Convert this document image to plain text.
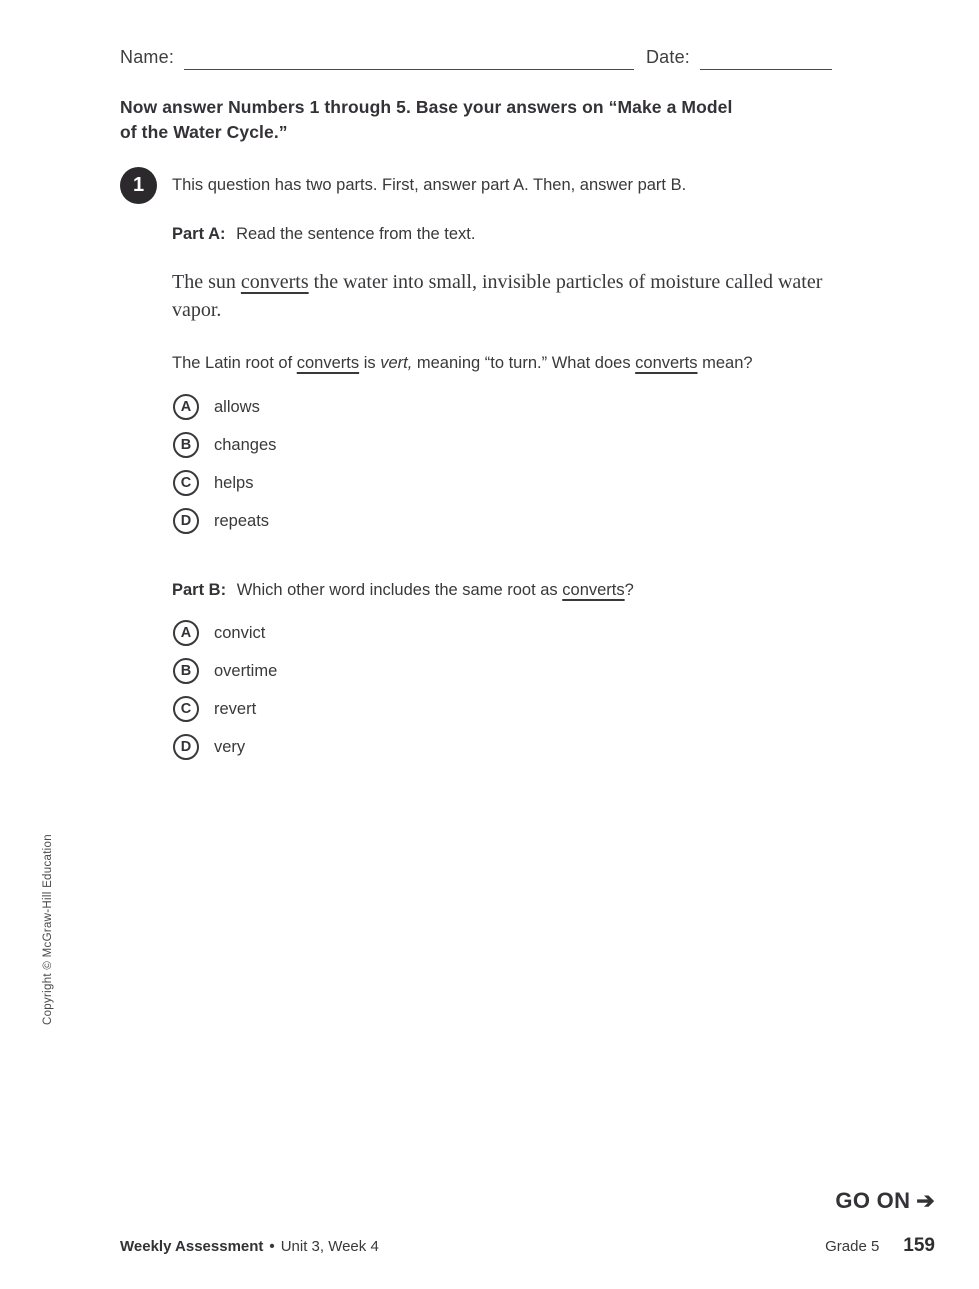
Name:	Date:
Now answer Numbers 1 through 5. Base your answers on “Make a Model
of the Water Cycle.”
1	This question has two parts. First, answer part A. Then, answer part B.
Part A: Read the sentence from the text.
The sun converts the water into small, invisible particles of moisture called water vapor.
The Latin root of converts is vert, meaning “to turn.” What does converts mean?
A	allows
B	changes
C	helps
D	repeats
Part B: Which other word includes the same root as converts?
A	convict
B	overtime
C	revert
D	very
Copyright © McGraw-Hill Education
GO ON ➔
Weekly Assessment • Unit 3, Week 4	Grade 5 159
